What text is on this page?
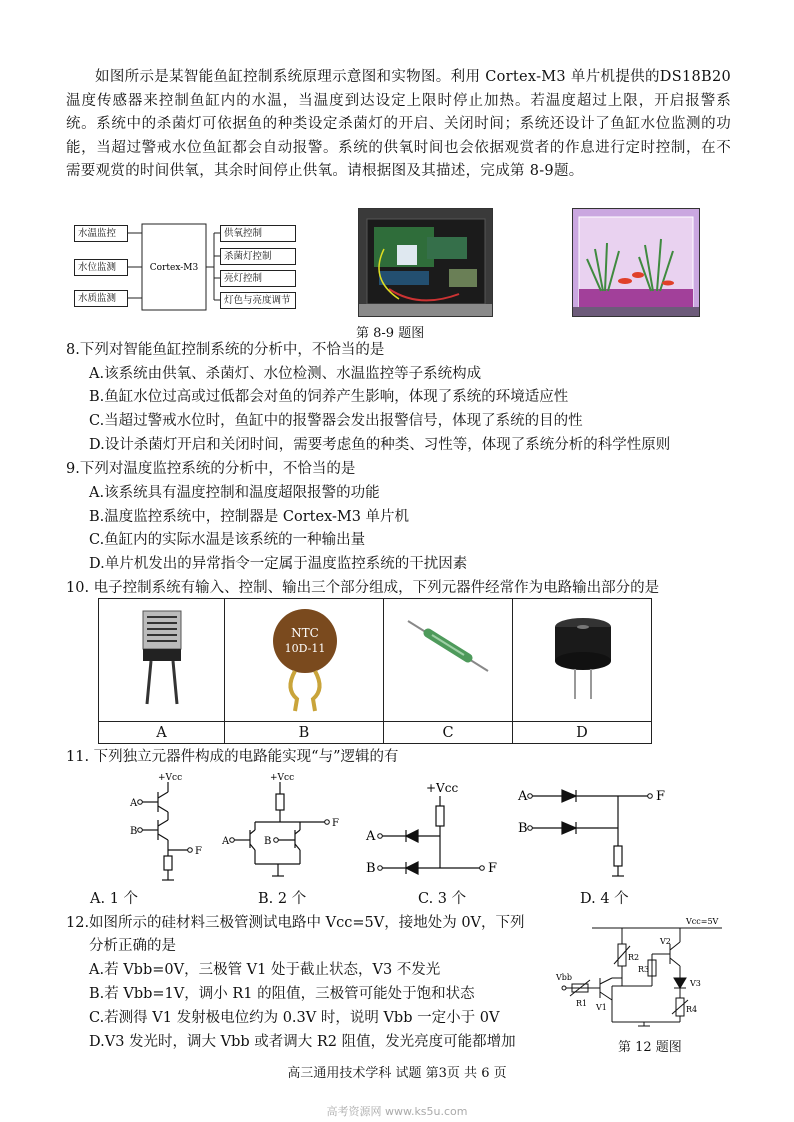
如图所示是某智能鱼缸控制系统原理示意图和实物图。利用 Cortex-M3 单片机提供的DS18B20温度传感器来控制鱼缸内的水温，当温度到达设定上限时停止加热。若温度超过上限，开启报警系统。系统中的杀菌灯可依据鱼的种类设定杀菌灯的开启、关闭时间；系统还设计了鱼缸水位监测的功能，当超过警戒水位鱼缸都会自动报警。系统的供氧时间也会依据观赏者的作息进行定时控制，在不需要观赏的时间供氧，其余时间停止供氧。请根据图及其描述，完成第 8-9题。
Cortex-M3
水温监控
水位监测
水质监测
供氧控制
杀菌灯控制
亮灯控制
灯色与亮度调节
第 8-9 题图
8.下列对智能鱼缸控制系统的分析中，不恰当的是
A.该系统由供氧、杀菌灯、水位检测、水温监控等子系统构成
B.鱼缸水位过高或过低都会对鱼的饲养产生影响，体现了系统的环境适应性
C.当超过警戒水位时，鱼缸中的报警器会发出报警信号，体现了系统的目的性
D.设计杀菌灯开启和关闭时间，需要考虑鱼的种类、习性等，体现了系统分析的科学性原则
9.下列对温度监控系统的分析中，不恰当的是
A.该系统具有温度控制和温度超限报警的功能
B.温度监控系统中，控制器是 Cortex-M3 单片机
C.鱼缸内的实际水温是该系统的一种输出量
D.单片机发出的异常指令一定属于温度监控系统的干扰因素
10. 电子控制系统有输入、控制、输出三个部分组成，下列元器件经常作为电路输出部分的是

NTC
10D-11

A	B	C	D
11. 下列独立元器件构成的电路能实现“与”逻辑的有
+Vcc
A
B
F
+Vcc
A	B
F
+Vcc
A
B	F
A
B
F
A. 1 个	B. 2 个	C. 3 个	D. 4 个
12.如图所示的硅材料三极管测试电路中 Vcc=5V，接地处为 0V，下列
分析正确的是
A.若 Vbb=0V，三极管 V1 处于截止状态，V3 不发光
B.若 Vbb=1V，调小 R1 的阻值，三极管可能处于饱和状态
C.若测得 V1 发射极电位约为 0.3V 时，说明 Vbb 一定小于 0V
D.V3 发光时，调大 Vbb 或者调大 R2 阻值，发光亮度可能都增加
Vcc=5V
Vbb
R1
R2
R3
R4
V1
V2
V3
第 12 题图
高三通用技术学科 试题 第3页 共 6 页
高考资源网 www.ks5u.com
